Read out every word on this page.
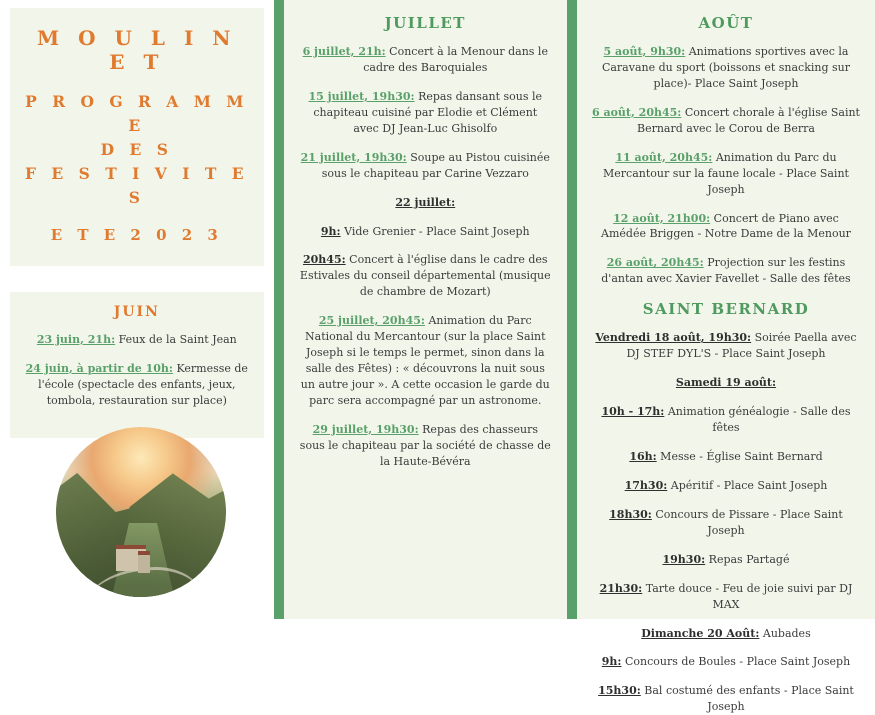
M O U L I N E T
P R O G R A M M E
D E S
F E S T I V I T E S
E T E 2 0 2 3
JUIN
23 juin, 21h: Feux de la Saint Jean
24 juin, à partir de 10h: Kermesse de l'école (spectacle des enfants, jeux, tombola, restauration sur place)
JUILLET
6 juillet, 21h: Concert à la Menour dans le cadre des Baroquiales
15 juillet, 19h30: Repas dansant sous le chapiteau cuisiné par Elodie et Clément avec DJ Jean-Luc Ghisolfo
21 juillet, 19h30: Soupe au Pistou cuisinée sous le chapiteau par Carine Vezzaro
22 juillet:
9h: Vide Grenier - Place Saint Joseph
20h45: Concert à l'église dans le cadre des Estivales du conseil départemental (musique de chambre de Mozart)
25 juillet, 20h45: Animation du Parc National du Mercantour (sur la place Saint Joseph si le temps le permet, sinon dans la salle des Fêtes) : « découvrons la nuit sous un autre jour ». A cette occasion le garde du parc sera accompagné par un astronome.
29 juillet, 19h30: Repas des chasseurs sous le chapiteau par la société de chasse de la Haute-Bévéra
AOÛT
5 août, 9h30: Animations sportives avec la Caravane du sport (boissons et snacking sur place)- Place Saint Joseph
6 août, 20h45: Concert chorale à l'église Saint Bernard avec le Corou de Berra
11 août, 20h45: Animation du Parc du Mercantour sur la faune locale - Place Saint Joseph
12 août, 21h00: Concert de Piano avec Amédée Briggen - Notre Dame de la Menour
26 août, 20h45: Projection sur les festins d'antan avec Xavier Favellet - Salle des fêtes
SAINT BERNARD
Vendredi 18 août, 19h30: Soirée Paella avec DJ STEF DYL'S - Place Saint Joseph
Samedi 19 août:
10h - 17h: Animation généalogie - Salle des fêtes
16h: Messe - Église Saint Bernard
17h30: Apéritif - Place Saint Joseph
18h30: Concours de Pissare - Place Saint Joseph
19h30: Repas Partagé
21h30: Tarte douce - Feu de joie suivi par DJ MAX
Dimanche 20 Août: Aubades
9h: Concours de Boules - Place Saint Joseph
15h30: Bal costumé des enfants - Place Saint Joseph
